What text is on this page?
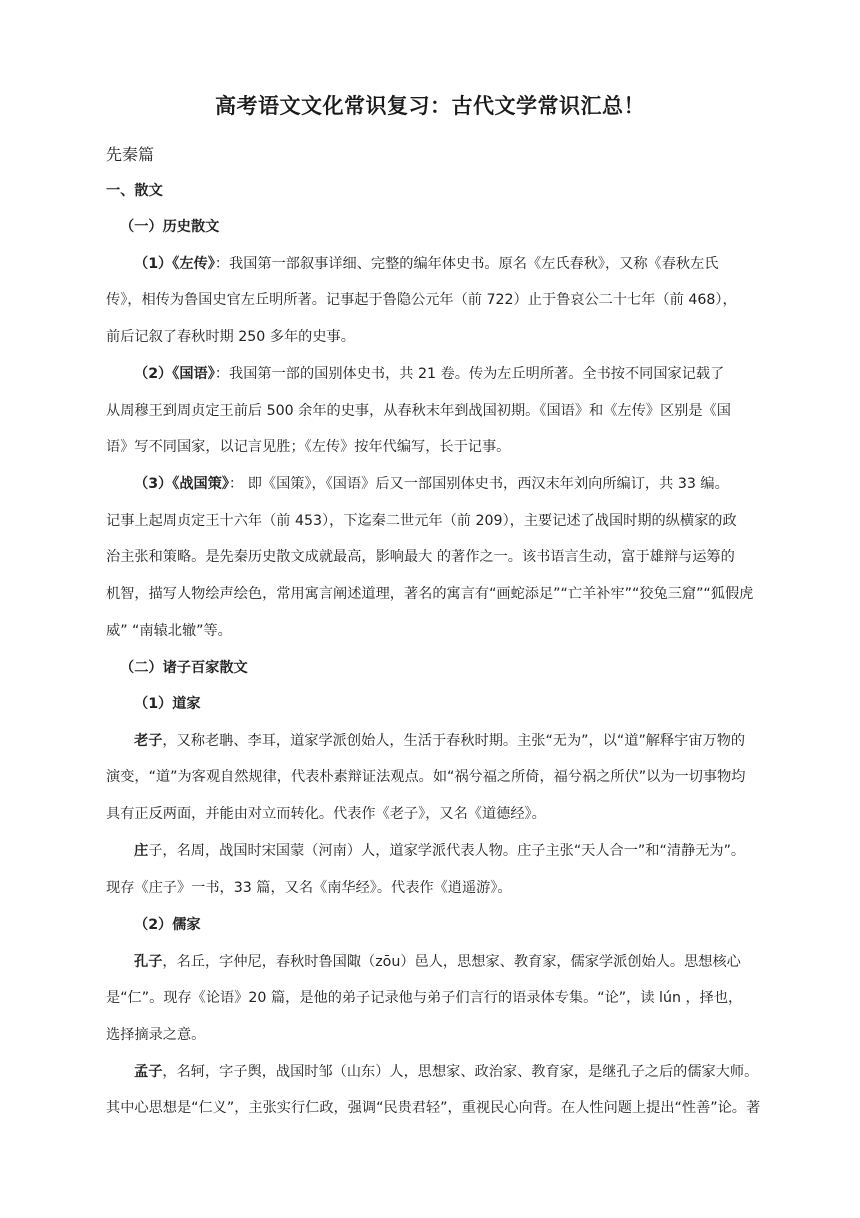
高考语文文化常识复习：古代文学常识汇总！
先秦篇
一、散文
（一）历史散文
（1）《左传》：我国第一部叙事详细、完整的编年体史书。原名《左氏春秋》，又称《春秋左氏
传》，相传为鲁国史官左丘明所著。记事起于鲁隐公元年（前 722）止于鲁哀公二十七年（前 468），
前后记叙了春秋时期 250 多年的史事。
（2）《国语》：我国第一部的国别体史书，共 21 卷。传为左丘明所著。全书按不同国家记载了
从周穆王到周贞定王前后 500 余年的史事，从春秋末年到战国初期。《国语》和《左传》区别是《国
语》写不同国家，以记言见胜；《左传》按年代编写，长于记事。
（3）《战国策》： 即《国策》，《国语》后又一部国别体史书，西汉末年刘向所编订，共 33 编。
记事上起周贞定王十六年（前 453），下迄秦二世元年（前 209），主要记述了战国时期的纵横家的政
治主张和策略。是先秦历史散文成就最高，影响最大 的著作之一。该书语言生动，富于雄辩与运筹的
机智，描写人物绘声绘色，常用寓言阐述道理，著名的寓言有“画蛇添足”“亡羊补牢”“狡兔三窟”“狐假虎
威” “南辕北辙”等。
（二）诸子百家散文
（1）道家
老子，又称老聃、李耳，道家学派创始人，生活于春秋时期。主张“无为”，以“道”解释宇宙万物的
演变，“道”为客观自然规律，代表朴素辩证法观点。如“祸兮福之所倚，福兮祸之所伏”以为一切事物均
具有正反两面，并能由对立而转化。代表作《老子》，又名《道德经》。
庄子，名周，战国时宋国蒙（河南）人，道家学派代表人物。庄子主张“天人合一”和“清静无为”。
现存《庄子》一书，33 篇，又名《南华经》。代表作《逍遥游》。
（2）儒家
孔子，名丘，字仲尼，春秋时鲁国陬（zōu）邑人，思想家、教育家，儒家学派创始人。思想核心
是“仁”。现存《论语》20 篇，是他的弟子记录他与弟子们言行的语录体专集。“论”，读 lún ，择也，
选择摘录之意。
孟子，名轲，字子舆，战国时邹（山东）人，思想家、政治家、教育家，是继孔子之后的儒家大师。
其中心思想是“仁义”，主张实行仁政，强调“民贵君轻”，重视民心向背。在人性问题上提出“性善”论。著
